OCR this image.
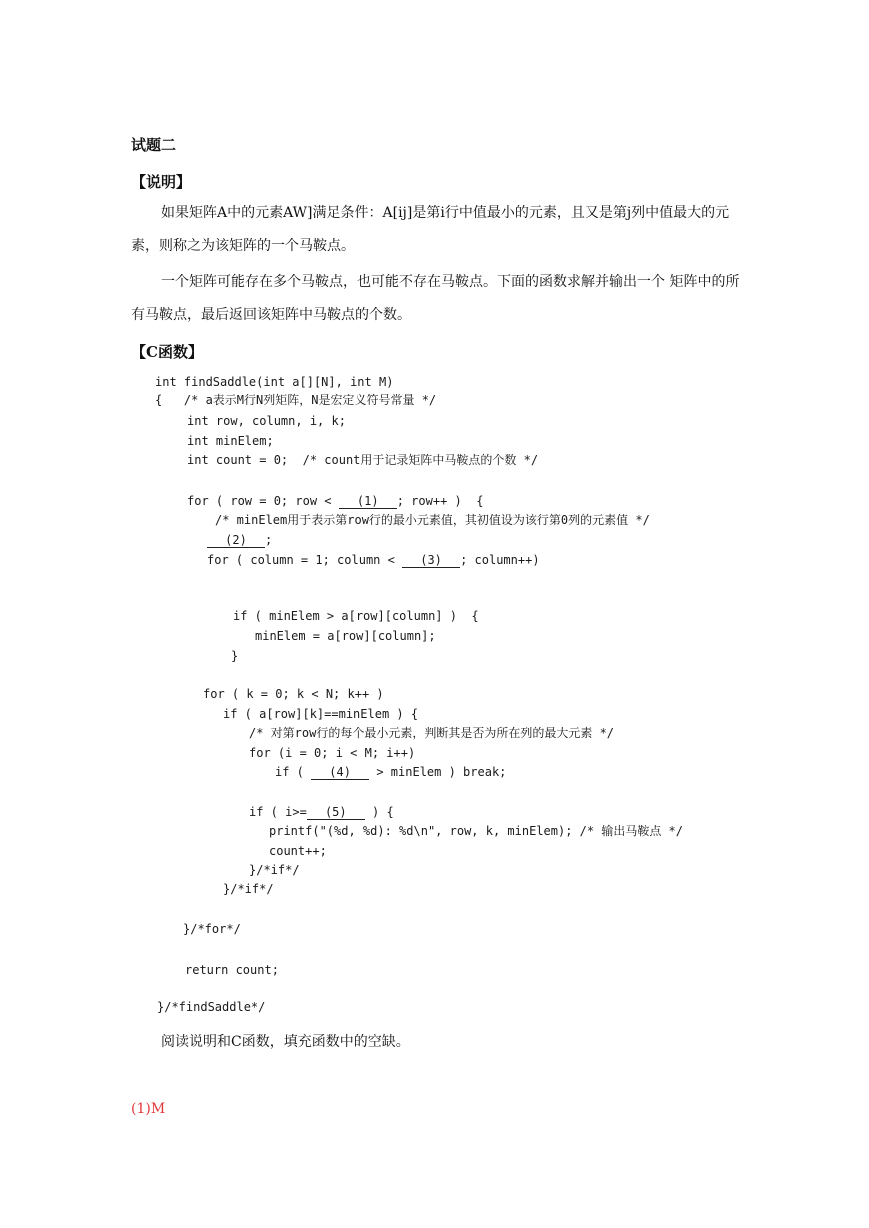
试题二
【说明】
如果矩阵A中的元素AW]满足条件：A[ij]是第i行中值最小的元素，且又是第j列中值最大的元素，则称之为该矩阵的一个马鞍点。
一个矩阵可能存在多个马鞍点，也可能不存在马鞍点。下面的函数求解并输出一个 矩阵中的所有马鞍点，最后返回该矩阵中马鞍点的个数。
【C函数】
int findSaddle(int a[][N], int M)
{   /* a表示M行N列矩阵，N是宏定义符号常量 */
int row, column, i, k;
int minElem;
int count = 0;  /* count用于记录矩阵中马鞍点的个数 */
for ( row = 0; row < (1) ; row++ )  {
/* minElem用于表示第row行的最小元素值，其初值设为该行第0列的元素值 */
(2) ;
for ( column = 1; column < (3) ; column++)
if ( minElem > a[row][column] )  {
minElem = a[row][column];
}
for ( k = 0; k < N; k++ )
if ( a[row][k]==minElem ) {
/* 对第row行的每个最小元素，判断其是否为所在列的最大元素 */
for (i = 0; i < M; i++)
if ( (4) > minElem ) break;
if ( i>= (5) ) {
printf("(%d, %d): %d\n", row, k, minElem); /* 输出马鞍点 */
count++;
}/*if*/
}/*if*/
}/*for*/
return count;
}/*findSaddle*/
阅读说明和C函数，填充函数中的空缺。
(1)M
